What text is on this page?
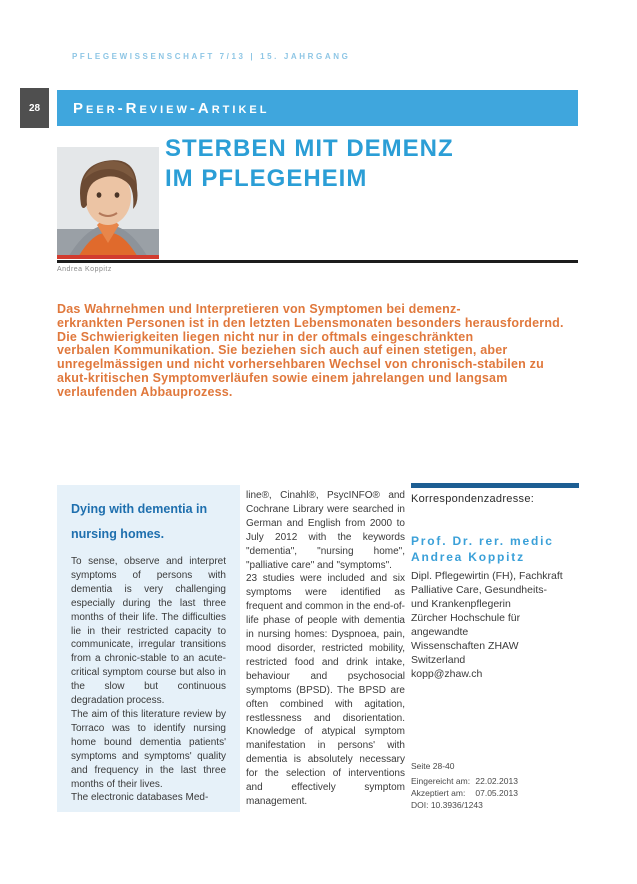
PFLEGEWISSENSCHAFT 7/13 | 15. JAHRGANG
28 Peer-Review-Artikel
STERBEN MIT DEMENZ
IM PFLEGEHEIM
Andrea Koppitz
Das Wahrnehmen und Interpretieren von Symptomen bei demenz-
erkrankten Personen ist in den letzten Lebensmonaten besonders herausfordernd.
Die Schwierigkeiten liegen nicht nur in der oftmals eingeschränkten
verbalen Kommunikation. Sie beziehen sich auch auf einen stetigen, aber
unregelmässigen und nicht vorhersehbaren Wechsel von chronisch-stabilen zu
akut-kritischen Symptomverläufen sowie einem jahrelangen und langsam
verlaufenden Abbauprozess.
Dying with dementia in
nursing homes.

To sense, observe and interpret symptoms of persons with dementia is very challenging especially during the last three months of their life. The difficulties lie in their restricted capacity to communicate, irregular transitions from a chronic-stable to an acute-critical symptom course but also in the slow but continuous degradation process.

The aim of this literature review by Torraco was to identify nursing home bound dementia patients' symptoms and symptoms' quality and frequency in the last three months of their lives.

The electronic databases Med-

line®, Cinahl®, PsycINFO® and Cochrane Library were searched in German and English from 2000 to July 2012 with the keywords "dementia", "nursing home", "palliative care" and "symptoms".

23 studies were included and six symptoms were identified as frequent and common in the end-of-life phase of people with dementia in nursing homes: Dyspnoea, pain, mood disorder, restricted mobility, restricted food and drink intake, behaviour and psychosocial symptoms (BPSD). The BPSD are often combined with agitation, restlessness and disorientation. Knowledge of atypical symptom manifestation in persons' with dementia is absolutely necessary for the selection of interventions and effectively symptom management.

Korrespondenzadresse:
Prof. Dr. rer. medic
Andrea Koppitz
Dipl. Pflegewirtin (FH), Fachkraft
Palliative Care, Gesundheits-
und Krankenpflegerin
Zürcher Hochschule für angewandte
Wissenschaften ZHAW
Switzerland
kopp@zhaw.ch
Seite 28-40
Eingereicht am: 22.02.2013
Akzeptiert am: 07.05.2013
DOI: 10.3936/1243
